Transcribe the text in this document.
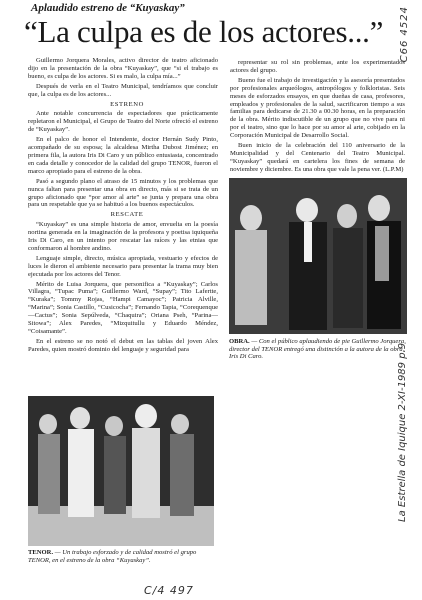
Aplaudido estreno de “Kuyaskay”
“La culpa es de los actores...”

Guillermo Jorquera Morales, activo director de teatro aficionado dijo en la presentación de la obra “Kuyaskay”, que “si el trabajo es bueno, es culpa de los actores. Si es malo, la culpa mía...”

Después de verla en el Teatro Municipal, tendríamos que concluir que, la culpa es de los actores...

ESTRENO

Ante notable concurrencia de espectadores que prácticamente repletaron el Municipal, el Grupo de Teatro del Norte ofreció el estreno de “Kuyaskay”.

En el palco de honor el Intendente, doctor Hernán Sudy Pinto, acompañado de su esposa; la alcaldesa Mirtha Dubost Jiménez; en primera fila, la autora Iris Di Caro y un público entusiasta, concentrado en cada detalle y conocedor de la calidad del grupo TENOR, fueron el marco apropiado para el estreno de la obra.

Pasó a segundo plano el atraso de 15 minutos y los problemas que nunca faltan para presentar una obra en directo, más si se trata de un grupo aficionado que “por amor al arte” se junta y prepara una obra para un respetable que ya se habituó a los buenos espectáculos.

RESCATE

“Kuyaskay” es una simple historia de amor, envuelta en la poesía nortina generada en la imaginación de la profesora y poetisa iquiqueña Iris Di Caro, en un intento por rescatar las raíces y las etnias que conformaron al hombre andino.

Lenguaje simple, directo, música apropiada, vestuario y efectos de luces le dieron el ambiente necesario para presentar la trama muy bien ejecutada por los actores del Tenor.

Mérito de Luisa Jorquera, que personifica a “Kuyaskay”; Carlos Villagra, “Tupac Puma”; Guillermo Ward, “Supay”; Tito Lafertte, “Kuraka”; Tommy Rojas, “Hampi Camayoc”; Patricia Alville, “Marina”; Sonia Castillo, “Cusicocha”; Fernando Tapia, “Corequenque—Cactus”; Sonia Sepúlveda, “Chaquira”; Oriana Pseh, “Parina— Sitowa”; Alex Paredes, “Mizquitullu y Eduardo Méndez, “Coisamante”.

En el estreno se no notó el debut en las tablas del joven Alex Paredes, quien mostró dominio del lenguaje y seguridad para

representar su rol sin problemas, ante los experimentados actores del grupo.

Bueno fue el trabajo de investigación y la asesoría presentados por profesionales arqueólogos, antropólogos y folkloristas. Seis meses de esforzados ensayos, en que dueñas de casa, profesores, empleados y profesionales de la salud, sacrificaron tiempo a sus familias para dedicarse de 21.30 a 00.30 horas, en la preparación de la obra. Mérito indiscutible de un grupo que no vive para ni por el teatro, sino que lo hace por su amor al arte, cobijado en la Corporación Municipal de Desarrollo Social.

Buen inicio de la celebración del 110 aniversario de la Municipalidad y del Centenario del Teatro Municipal. “Kuyaskay” quedará en cartelera los fines de semana de noviembre y diciembre. Es una obra que vale la pena ver. (L.P.M)

OBRA. — Con el público aplaudiendo de pie Guillermo Jorquera, director del TENOR entregó una distinción a la autora de la obra, Iris Di Caro.
TENOR. — Un trabajo esforzado y de calidad mostró el grupo TENOR, en el estreno de la obra “Kuyaskay”.
C66 4524
La Estrella de Iquique 2-XI-1989 p.9
C/4 497
